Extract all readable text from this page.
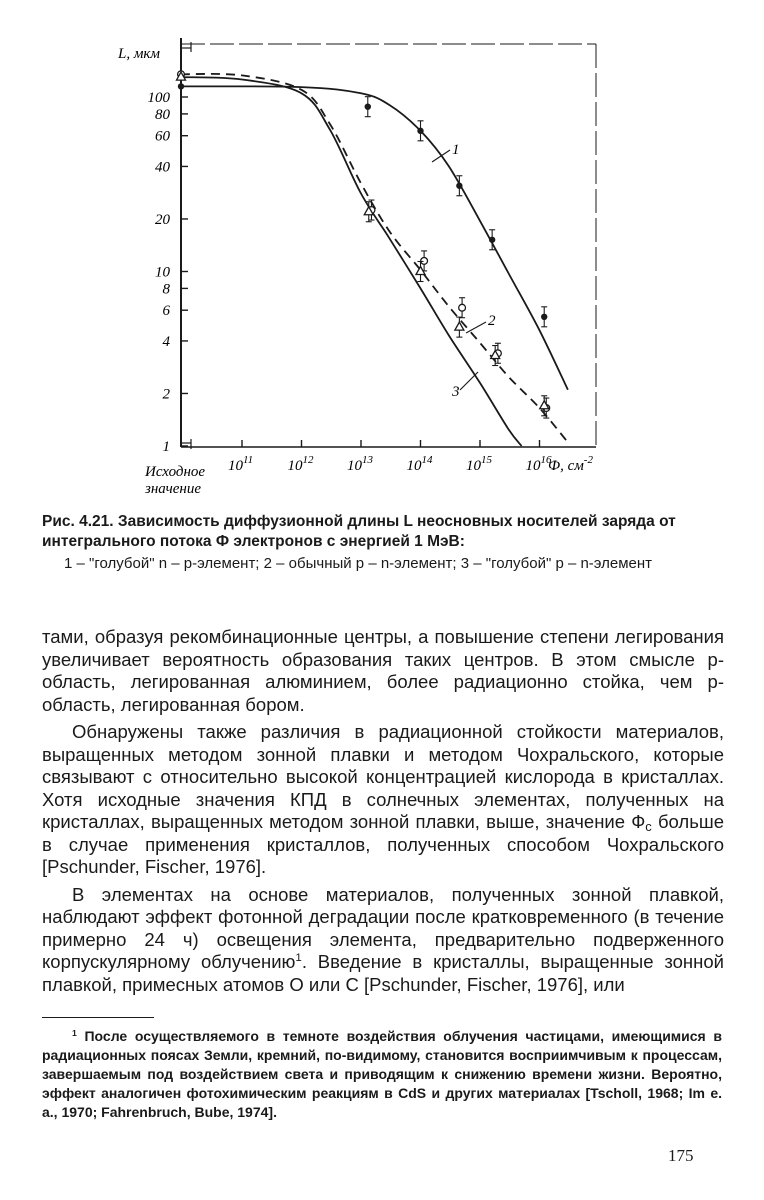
1
2
4
6
8
10
20
40
60
80
100
$10^{11}$ $10^{12}$ $10^{13}$ $10^{14}$ $10^{15}$ $10^{16}$
1
2
3
L, мкм
Ф, $см^{-2}$
Исходное
значение
Рис. 4.21. Зависимость диффузионной длины L неосновных носителей заряда от интегрального потока Ф электронов с энергией 1 МэВ:
1 – "голубой" n – p-элемент; 2 – обычный p – n-элемент; 3 – "голубой" p – n-элемент

тами, образуя рекомбинационные центры, а повышение степени легирования увеличивает вероятность образования таких центров. В этом смысле p-область, легированная алюминием, более радиационно стойка, чем p-область, легированная бором.

Обнаружены также различия в радиационной стойкости материалов, выращенных методом зонной плавки и методом Чохральского, которые связывают с относительно высокой концентрацией кислорода в кристаллах. Хотя исходные значения КПД в солнечных элементах, полученных на кристаллах, выращенных методом зонной плавки, выше, значение $Ф_c$ больше в случае применения кристаллов, полученных способом Чохральского [Pschunder, Fischer, 1976].

В элементах на основе материалов, полученных зонной плавкой, наблюдают эффект фотонной деградации после кратковременного (в течение примерно 24 ч) освещения элемента, предварительно подверженного корпускулярному облучению$^1$. Введение в кристаллы, выращенные зонной плавкой, примесных атомов O или C [Pschunder, Fischer, 1976], или

$^1$ После осуществляемого в темноте воздействия облучения частицами, имеющимися в радиационных поясах Земли, кремний, по-видимому, становится восприимчивым к процессам, завершаемым под воздействием света и приводящим к снижению времени жизни. Вероятно, эффект аналогичен фотохимическим реакциям в CdS и других материалах [Tscholl, 1968; Im e. a., 1970; Fahrenbruch, Bube, 1974].

175
